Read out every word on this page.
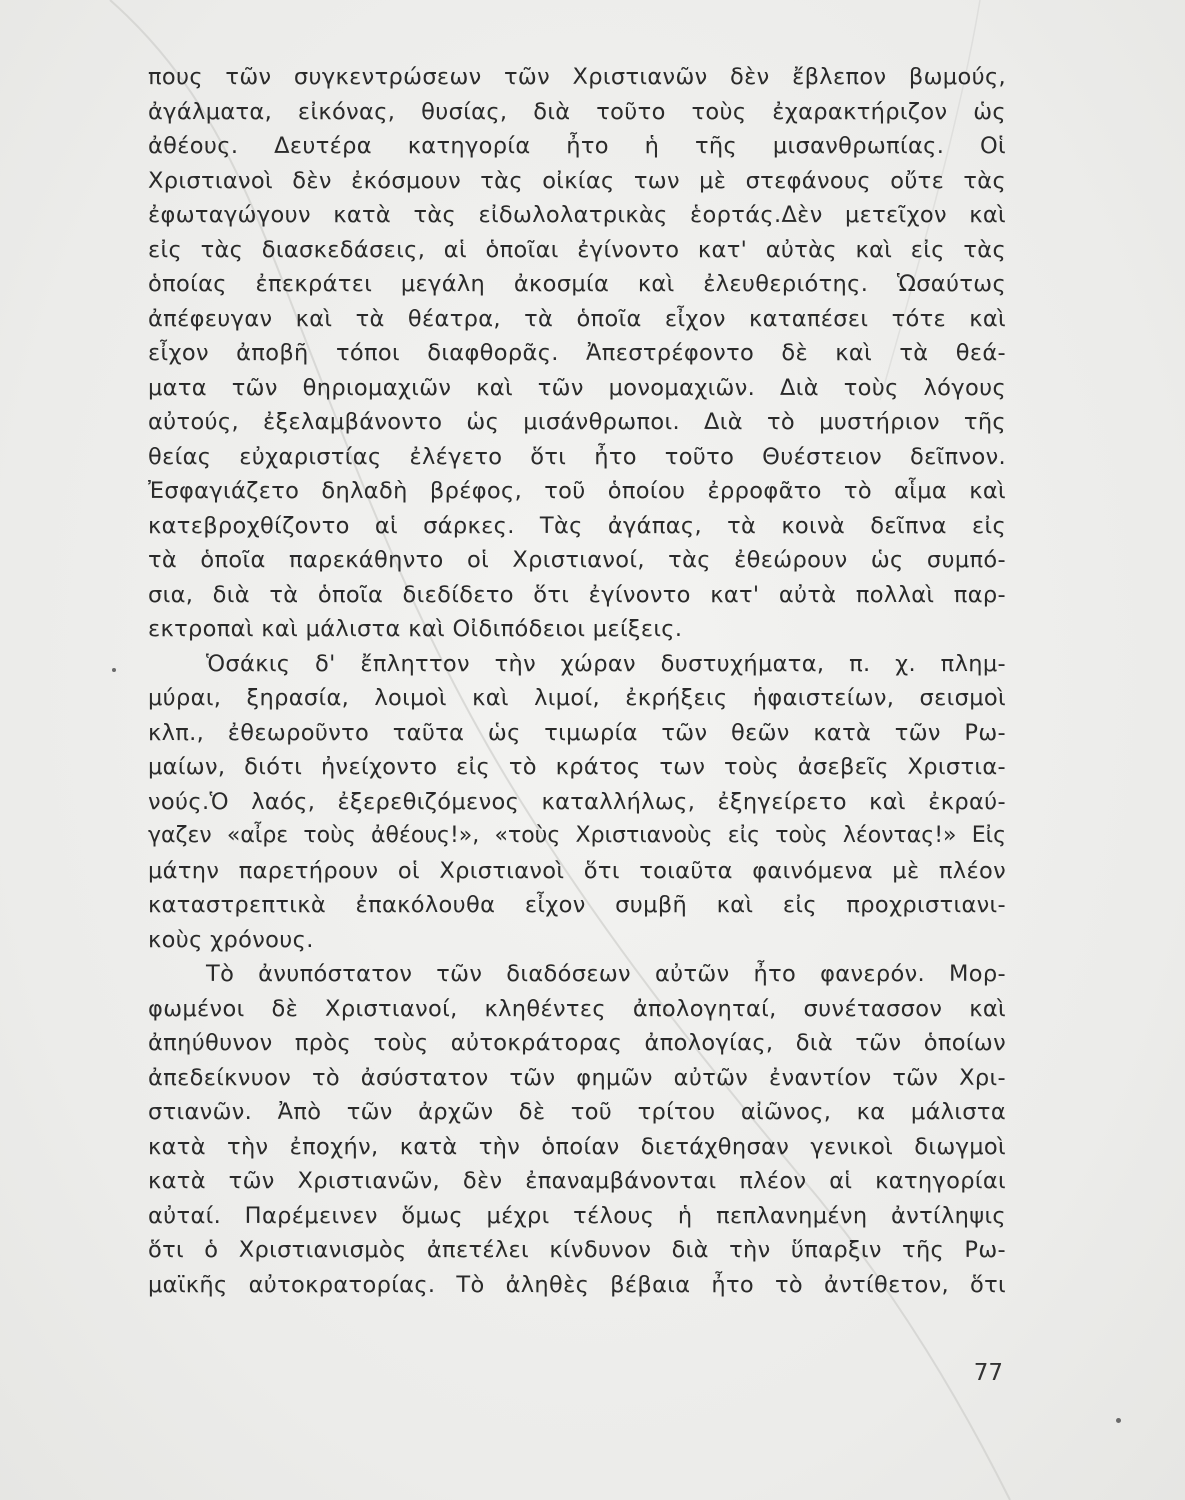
πους τῶν συγκεντρώσεων τῶν Χριστιανῶν δὲν ἔβλεπον βωμούς,
ἀγάλματα, εἰκόνας, θυσίας, διὰ τοῦτο τοὺς ἐχαρακτήριζον ὡς
ἀθέους. Δευτέρα κατηγορία ἦτο ἡ τῆς μισανθρωπίας. Οἱ
Χριστιανοὶ δὲν ἐκόσμουν τὰς οἰκίας των μὲ στεφάνους οὔτε τὰς
ἐφωταγώγουν κατὰ τὰς εἰδωλολατρικὰς ἑορτάς.Δὲν μετεῖχον καὶ
εἰς τὰς διασκεδάσεις, αἱ ὁποῖαι ἐγίνοντο κατ' αὐτὰς καὶ εἰς τὰς
ὁποίας ἐπεκράτει μεγάλη ἀκοσμία καὶ ἐλευθεριότης. Ὡσαύτως
ἀπέφευγαν καὶ τὰ θέατρα, τὰ ὁποῖα εἶχον καταπέσει τότε καὶ
εἶχον ἀποβῆ τόποι διαφθορᾶς. Ἀπεστρέφοντο δὲ καὶ τὰ θεά-
ματα τῶν θηριομαχιῶν καὶ τῶν μονομαχιῶν. Διὰ τοὺς λόγους
αὐτούς, ἐξελαμβάνοντο ὡς μισάνθρωποι. Διὰ τὸ μυστήριον τῆς
θείας εὐχαριστίας ἐλέγετο ὅτι ἦτο τοῦτο Θυέστειον δεῖπνον.
Ἐσφαγιάζετο δηλαδὴ βρέφος, τοῦ ὁποίου ἐρροφᾶτο τὸ αἷμα καὶ
κατεβροχθίζοντο αἱ σάρκες. Τὰς ἀγάπας, τὰ κοινὰ δεῖπνα εἰς
τὰ ὁποῖα παρεκάθηντο οἱ Χριστιανοί, τὰς ἐθεώρουν ὡς συμπό-
σια, διὰ τὰ ὁποῖα διεδίδετο ὅτι ἐγίνοντο κατ' αὐτὰ πολλαὶ παρ-
εκτροπαὶ καὶ μάλιστα καὶ Οἰδιπόδειοι μείξεις.
Ὁσάκις δ' ἔπληττον τὴν χώραν δυστυχήματα, π. χ. πλημ-
μύραι, ξηρασία, λοιμοὶ καὶ λιμοί, ἐκρήξεις ἡφαιστείων, σεισμοὶ
κλπ., ἐθεωροῦντο ταῦτα ὡς τιμωρία τῶν θεῶν κατὰ τῶν Ρω-
μαίων, διότι ἠνείχοντο εἰς τὸ κράτος των τοὺς ἀσεβεῖς Χριστια-
νούς.Ὁ λαός, ἐξερεθιζόμενος καταλλήλως, ἐξηγείρετο καὶ ἐκραύ-
γαζεν «αἶρε τοὺς ἀθέους!», «τοὺς Χριστιανοὺς εἰς τοὺς λέοντας!» Εἰς
μάτην παρετήρουν οἱ Χριστιανοὶ ὅτι τοιαῦτα φαινόμενα μὲ πλέον
καταστρεπτικὰ ἐπακόλουθα εἶχον συμβῆ καὶ εἰς προχριστιανι-
κοὺς χρόνους.
Τὸ ἀνυπόστατον τῶν διαδόσεων αὐτῶν ἦτο φανερόν. Μορ-
φωμένοι δὲ Χριστιανοί, κληθέντες ἀπολογηταί, συνέτασσον καὶ
ἀπηύθυνον πρὸς τοὺς αὐτοκράτορας ἀπολογίας, διὰ τῶν ὁποίων
ἀπεδείκνυον τὸ ἀσύστατον τῶν φημῶν αὐτῶν ἐναντίον τῶν Χρι-
στιανῶν. Ἀπὸ τῶν ἀρχῶν δὲ τοῦ τρίτου αἰῶνος, κα μάλιστα
κατὰ τὴν ἐποχήν, κατὰ τὴν ὁποίαν διετάχθησαν γενικοὶ διωγμοὶ
κατὰ τῶν Χριστιανῶν, δὲν ἐπαναμβάνονται πλέον αἱ κατηγορίαι
αὐταί. Παρέμεινεν ὅμως μέχρι τέλους ἡ πεπλανημένη ἀντίληψις
ὅτι ὁ Χριστιανισμὸς ἀπετέλει κίνδυνον διὰ τὴν ὕπαρξιν τῆς Ρω-
μαϊκῆς αὐτοκρατορίας. Τὸ ἀληθὲς βέβαια ἦτο τὸ ἀντίθετον, ὅτι
77
